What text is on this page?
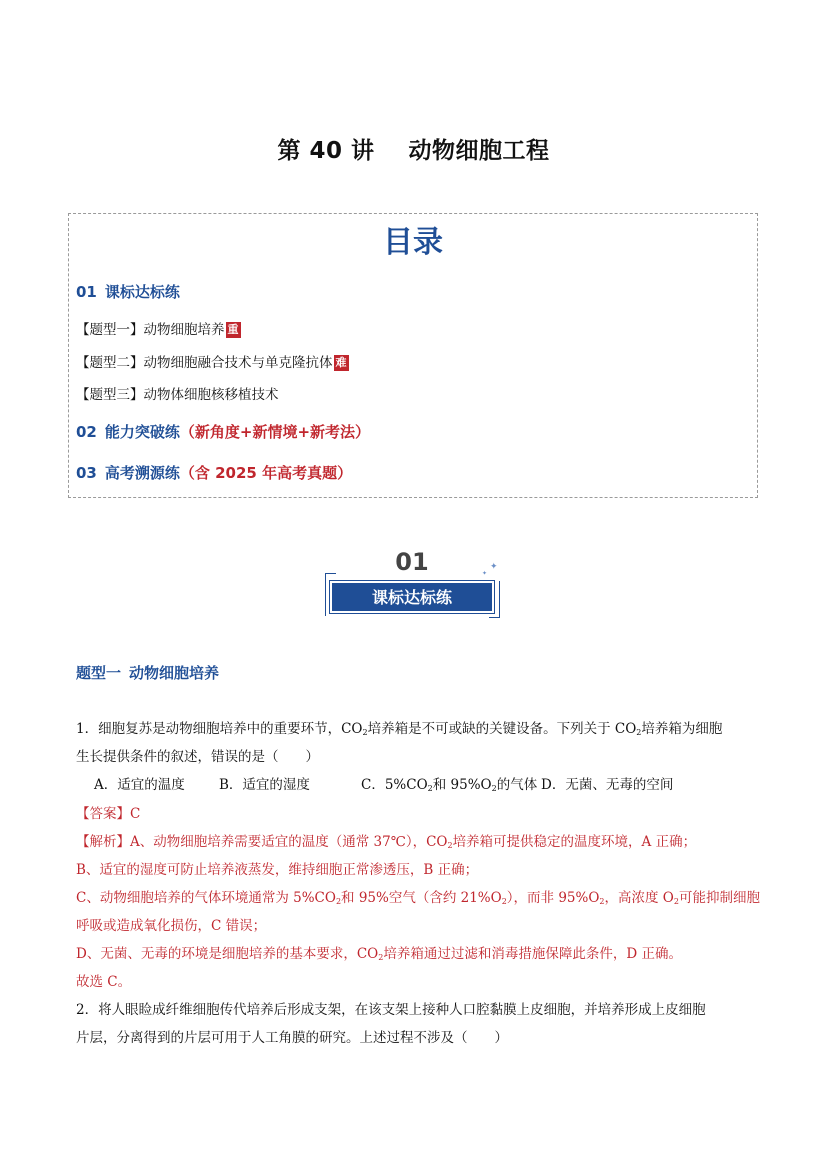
第 40 讲 动物细胞工程
目录
01 课标达标练
【题型一】动物细胞培养 重
【题型二】动物细胞融合技术与单克隆抗体 难
【题型三】动物体细胞核移植技术
02 能力突破练（新角度+新情境+新考法）
03 高考溯源练（含 2025 年高考真题）
01
课标达标练
✦
✦
题型一 动物细胞培养
1．细胞复苏是动物细胞培养中的重要环节，$CO_2$培养箱是不可或缺的关键设备。下列关于 $CO_2$培养箱为细胞
生长提供条件的叙述，错误的是（　　）
A．适宜的温度	B．适宜的湿度	C．$5\%CO_2$和 $95\%O_2$的气体 D．无菌、无毒的空间
【答案】C
【解析】A、动物细胞培养需要适宜的温度（通常 37℃），$CO_2$培养箱可提供稳定的温度环境，A 正确；
B、适宜的湿度可防止培养液蒸发，维持细胞正常渗透压，B 正确；
C、动物细胞培养的气体环境通常为 $5\%CO_2$和 95%空气（含约 $21\%O_2$），而非 $95\%O_2$，高浓度 $O_2$可能抑制细胞
呼吸或造成氧化损伤，C 错误；
D、无菌、无毒的环境是细胞培养的基本要求，$CO_2$培养箱通过过滤和消毒措施保障此条件，D 正确。
故选 C。
2．将人眼睑成纤维细胞传代培养后形成支架，在该支架上接种人口腔黏膜上皮细胞，并培养形成上皮细胞
片层，分离得到的片层可用于人工角膜的研究。上述过程不涉及（　　）
